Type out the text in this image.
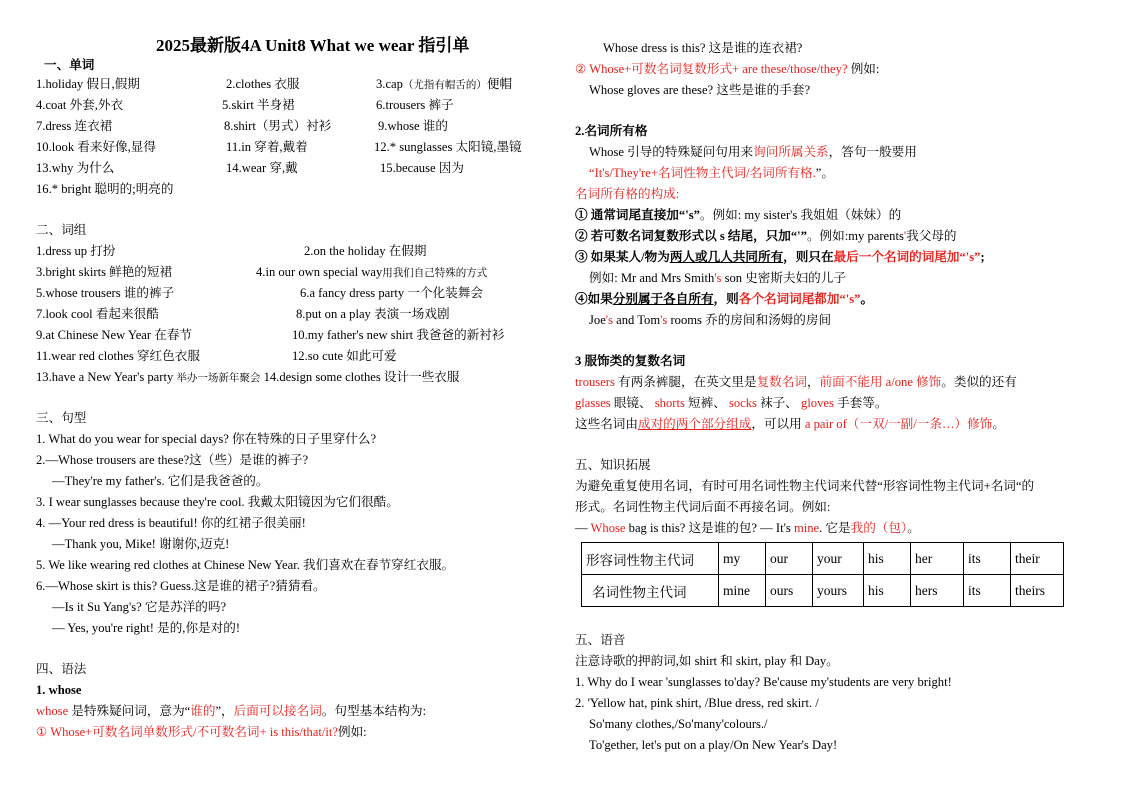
2025最新版4A Unit8 What we wear 指引单
一、单词
1.holiday 假日,假期	2.clothes 衣服	3.cap（尤指有帽舌的）便帽
4.coat 外套,外衣	5.skirt 半身裙	6.trousers 裤子
7.dress 连衣裙	8.shirt（男式）衬衫	9.whose 谁的
10.look 看来好像,显得	11.in 穿着,戴着	12.* sunglasses 太阳镜,墨镜
13.why 为什么	14.wear 穿,戴	15.because 因为
16.* bright 聪明的;明亮的
二、词组
1.dress up 打扮	2.on the holiday 在假期
3.bright skirts 鲜艳的短裙	4.in our own special way用我们自己特殊的方式
5.whose trousers 谁的裤子	6.a fancy dress party 一个化装舞会
7.look cool 看起来很酷	8.put on a play 表演一场戏剧
9.at Chinese New Year 在春节	10.my father's new shirt 我爸爸的新衬衫
11.wear red clothes 穿红色衣服	12.so cute 如此可爱
13.have a New Year's party 举办一场新年聚会 14.design some clothes 设计一些衣服
三、句型
1. What do you wear for special days? 你在特殊的日子里穿什么?
2.—Whose trousers are these?这（些）是谁的裤子?
—They're my father's. 它们是我爸爸的。
3. I wear sunglasses because they're cool. 我戴太阳镜因为它们很酷。
4. —Your red dress is beautiful! 你的红裙子很美丽!
—Thank you, Mike! 谢谢你,迈克!
5. We like wearing red clothes at Chinese New Year. 我们喜欢在春节穿红衣服。
6.—Whose skirt is this? Guess.这是谁的裙子?猜猜看。
—Is it Su Yang's? 它是苏洋的吗?
— Yes, you're right! 是的,你是对的!
四、语法
1. whose
whose 是特殊疑问词，意为“谁的”，后面可以接名词。句型基本结构为:
① Whose+可数名词单数形式/不可数名词+ is this/that/it?例如:
Whose dress is this? 这是谁的连衣裙?
② Whose+可数名词复数形式+ are these/those/they? 例如:
Whose gloves are these? 这些是谁的手套?
2.名词所有格
Whose 引导的特殊疑问句用来询问所属关系，答句一般要用
“It's/They're+名词性物主代词/名词所有格.”。
名词所有格的构成:
① 通常词尾直接加“'s”。例如: my sister's 我姐姐（妹妹）的
② 若可数名词复数形式以 s 结尾，只加“'”。例如:my parents'我父母的
③ 如果某人/物为两人或几人共同所有，则只在最后一个名词的词尾加“'s”;
例如: Mr and Mrs Smith's son 史密斯夫妇的儿子
④如果分别属于各自所有，则各个名词词尾都加“'s”。
Joe's and Tom's rooms 乔的房间和汤姆的房间
3 服饰类的复数名词
trousers 有两条裤腿，在英文里是复数名词，前面不能用 a/one 修饰。类似的还有
glasses 眼镜、 shorts 短裤、 socks 袜子、 gloves 手套等。
这些名词由成对的两个部分组成，可以用 a pair of（一双/一副/一条…）修饰。
五、知识拓展
为避免重复使用名词，有时可用名词性物主代词来代替“形容词性物主代词+名词“的
形式。名词性物主代词后面不再接名词。例如:
— Whose bag is this? 这是谁的包? — It's mine. 它是我的（包）。
形容词性物主代词	my	our	your	his	her	its	their
名词性物主代词	mine	ours	yours	his	hers	its	theirs
五、语音
注意诗歌的押韵词,如 shirt 和 skirt, play 和 Day。
1. Why do I wear 'sunglasses to'day? Be'cause my'students are very bright!
2. 'Yellow hat, pink shirt, /Blue dress, red skirt. /
So'many clothes,/So'many'colours./
To'gether, let's put on a play/On New Year's Day!
